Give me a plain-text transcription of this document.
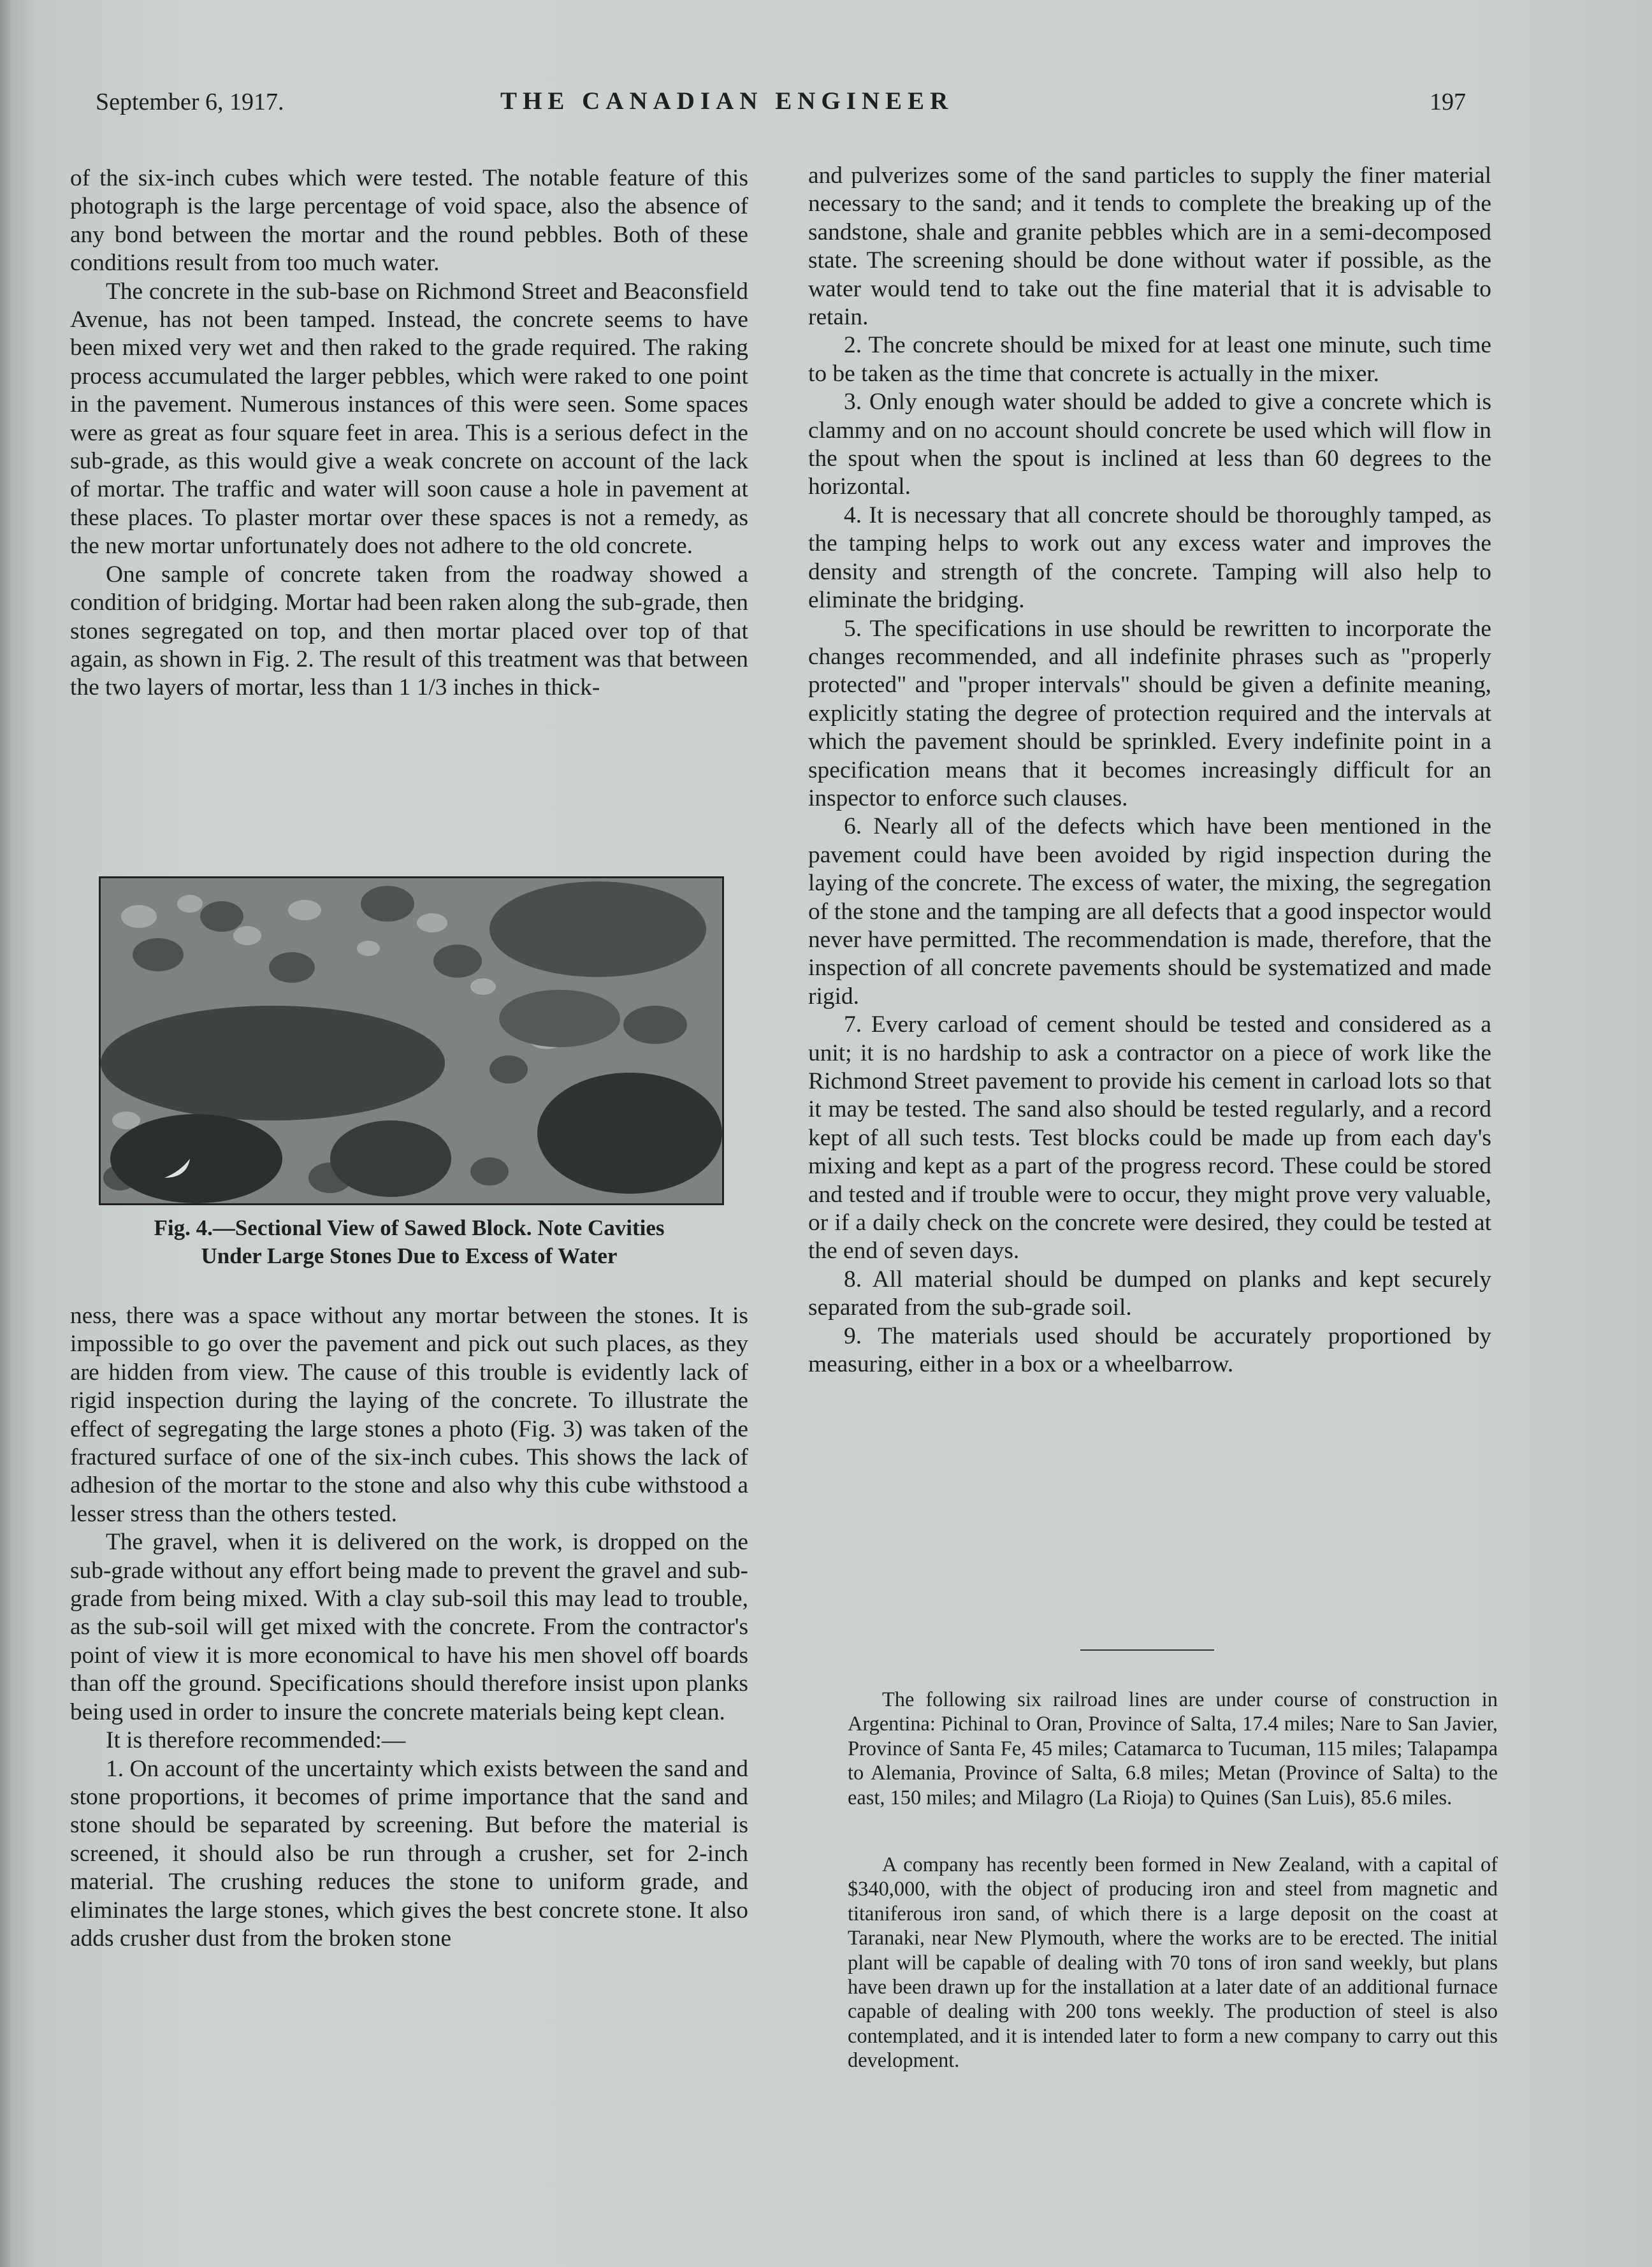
September 6, 1917.	THE CANADIAN ENGINEER	197

of the six-inch cubes which were tested. The notable feature of this photograph is the large percentage of void space, also the absence of any bond between the mortar and the round pebbles. Both of these conditions result from too much water.

The concrete in the sub-base on Richmond Street and Beaconsfield Avenue, has not been tamped. Instead, the concrete seems to have been mixed very wet and then raked to the grade required. The raking process accumulated the larger pebbles, which were raked to one point in the pavement. Numerous instances of this were seen. Some spaces were as great as four square feet in area. This is a serious defect in the sub-grade, as this would give a weak concrete on account of the lack of mortar. The traffic and water will soon cause a hole in pavement at these places. To plaster mortar over these spaces is not a remedy, as the new mortar unfortunately does not adhere to the old concrete.

One sample of concrete taken from the roadway showed a condition of bridging. Mortar had been raken along the sub-grade, then stones segregated on top, and then mortar placed over top of that again, as shown in Fig. 2. The result of this treatment was that between the two layers of mortar, less than 1 1/3 inches in thick-

Fig. 4.—Sectional View of Sawed Block. Note Cavities
Under Large Stones Due to Excess of Water

ness, there was a space without any mortar between the stones. It is impossible to go over the pavement and pick out such places, as they are hidden from view. The cause of this trouble is evidently lack of rigid inspection during the laying of the concrete. To illustrate the effect of segregating the large stones a photo (Fig. 3) was taken of the fractured surface of one of the six-inch cubes. This shows the lack of adhesion of the mortar to the stone and also why this cube withstood a lesser stress than the others tested.

The gravel, when it is delivered on the work, is dropped on the sub-grade without any effort being made to prevent the gravel and sub-grade from being mixed. With a clay sub-soil this may lead to trouble, as the sub-soil will get mixed with the concrete. From the contractor's point of view it is more economical to have his men shovel off boards than off the ground. Specifications should therefore insist upon planks being used in order to insure the concrete materials being kept clean.

It is therefore recommended:—

1. On account of the uncertainty which exists between the sand and stone proportions, it becomes of prime importance that the sand and stone should be separated by screening. But before the material is screened, it should also be run through a crusher, set for 2-inch material. The crushing reduces the stone to uniform grade, and eliminates the large stones, which gives the best concrete stone. It also adds crusher dust from the broken stone

and pulverizes some of the sand particles to supply the finer material necessary to the sand; and it tends to complete the breaking up of the sandstone, shale and granite pebbles which are in a semi-decomposed state. The screening should be done without water if possible, as the water would tend to take out the fine material that it is advisable to retain.

2. The concrete should be mixed for at least one minute, such time to be taken as the time that concrete is actually in the mixer.

3. Only enough water should be added to give a concrete which is clammy and on no account should concrete be used which will flow in the spout when the spout is inclined at less than 60 degrees to the horizontal.

4. It is necessary that all concrete should be thoroughly tamped, as the tamping helps to work out any excess water and improves the density and strength of the concrete. Tamping will also help to eliminate the bridging.

5. The specifications in use should be rewritten to incorporate the changes recommended, and all indefinite phrases such as "properly protected" and "proper intervals" should be given a definite meaning, explicitly stating the degree of protection required and the intervals at which the pavement should be sprinkled. Every indefinite point in a specification means that it becomes increasingly difficult for an inspector to enforce such clauses.

6. Nearly all of the defects which have been mentioned in the pavement could have been avoided by rigid inspection during the laying of the concrete. The excess of water, the mixing, the segregation of the stone and the tamping are all defects that a good inspector would never have permitted. The recommendation is made, therefore, that the inspection of all concrete pavements should be systematized and made rigid.

7. Every carload of cement should be tested and considered as a unit; it is no hardship to ask a contractor on a piece of work like the Richmond Street pavement to provide his cement in carload lots so that it may be tested. The sand also should be tested regularly, and a record kept of all such tests. Test blocks could be made up from each day's mixing and kept as a part of the progress record. These could be stored and tested and if trouble were to occur, they might prove very valuable, or if a daily check on the concrete were desired, they could be tested at the end of seven days.

8. All material should be dumped on planks and kept securely separated from the sub-grade soil.

9. The materials used should be accurately proportioned by measuring, either in a box or a wheelbarrow.

The following six railroad lines are under course of construction in Argentina: Pichinal to Oran, Province of Salta, 17.4 miles; Nare to San Javier, Province of Santa Fe, 45 miles; Catamarca to Tucuman, 115 miles; Talapampa to Alemania, Province of Salta, 6.8 miles; Metan (Province of Salta) to the east, 150 miles; and Milagro (La Rioja) to Quines (San Luis), 85.6 miles.

A company has recently been formed in New Zealand, with a capital of $340,000, with the object of producing iron and steel from magnetic and titaniferous iron sand, of which there is a large deposit on the coast at Taranaki, near New Plymouth, where the works are to be erected. The initial plant will be capable of dealing with 70 tons of iron sand weekly, but plans have been drawn up for the installation at a later date of an additional furnace capable of dealing with 200 tons weekly. The production of steel is also contemplated, and it is intended later to form a new company to carry out this development.
